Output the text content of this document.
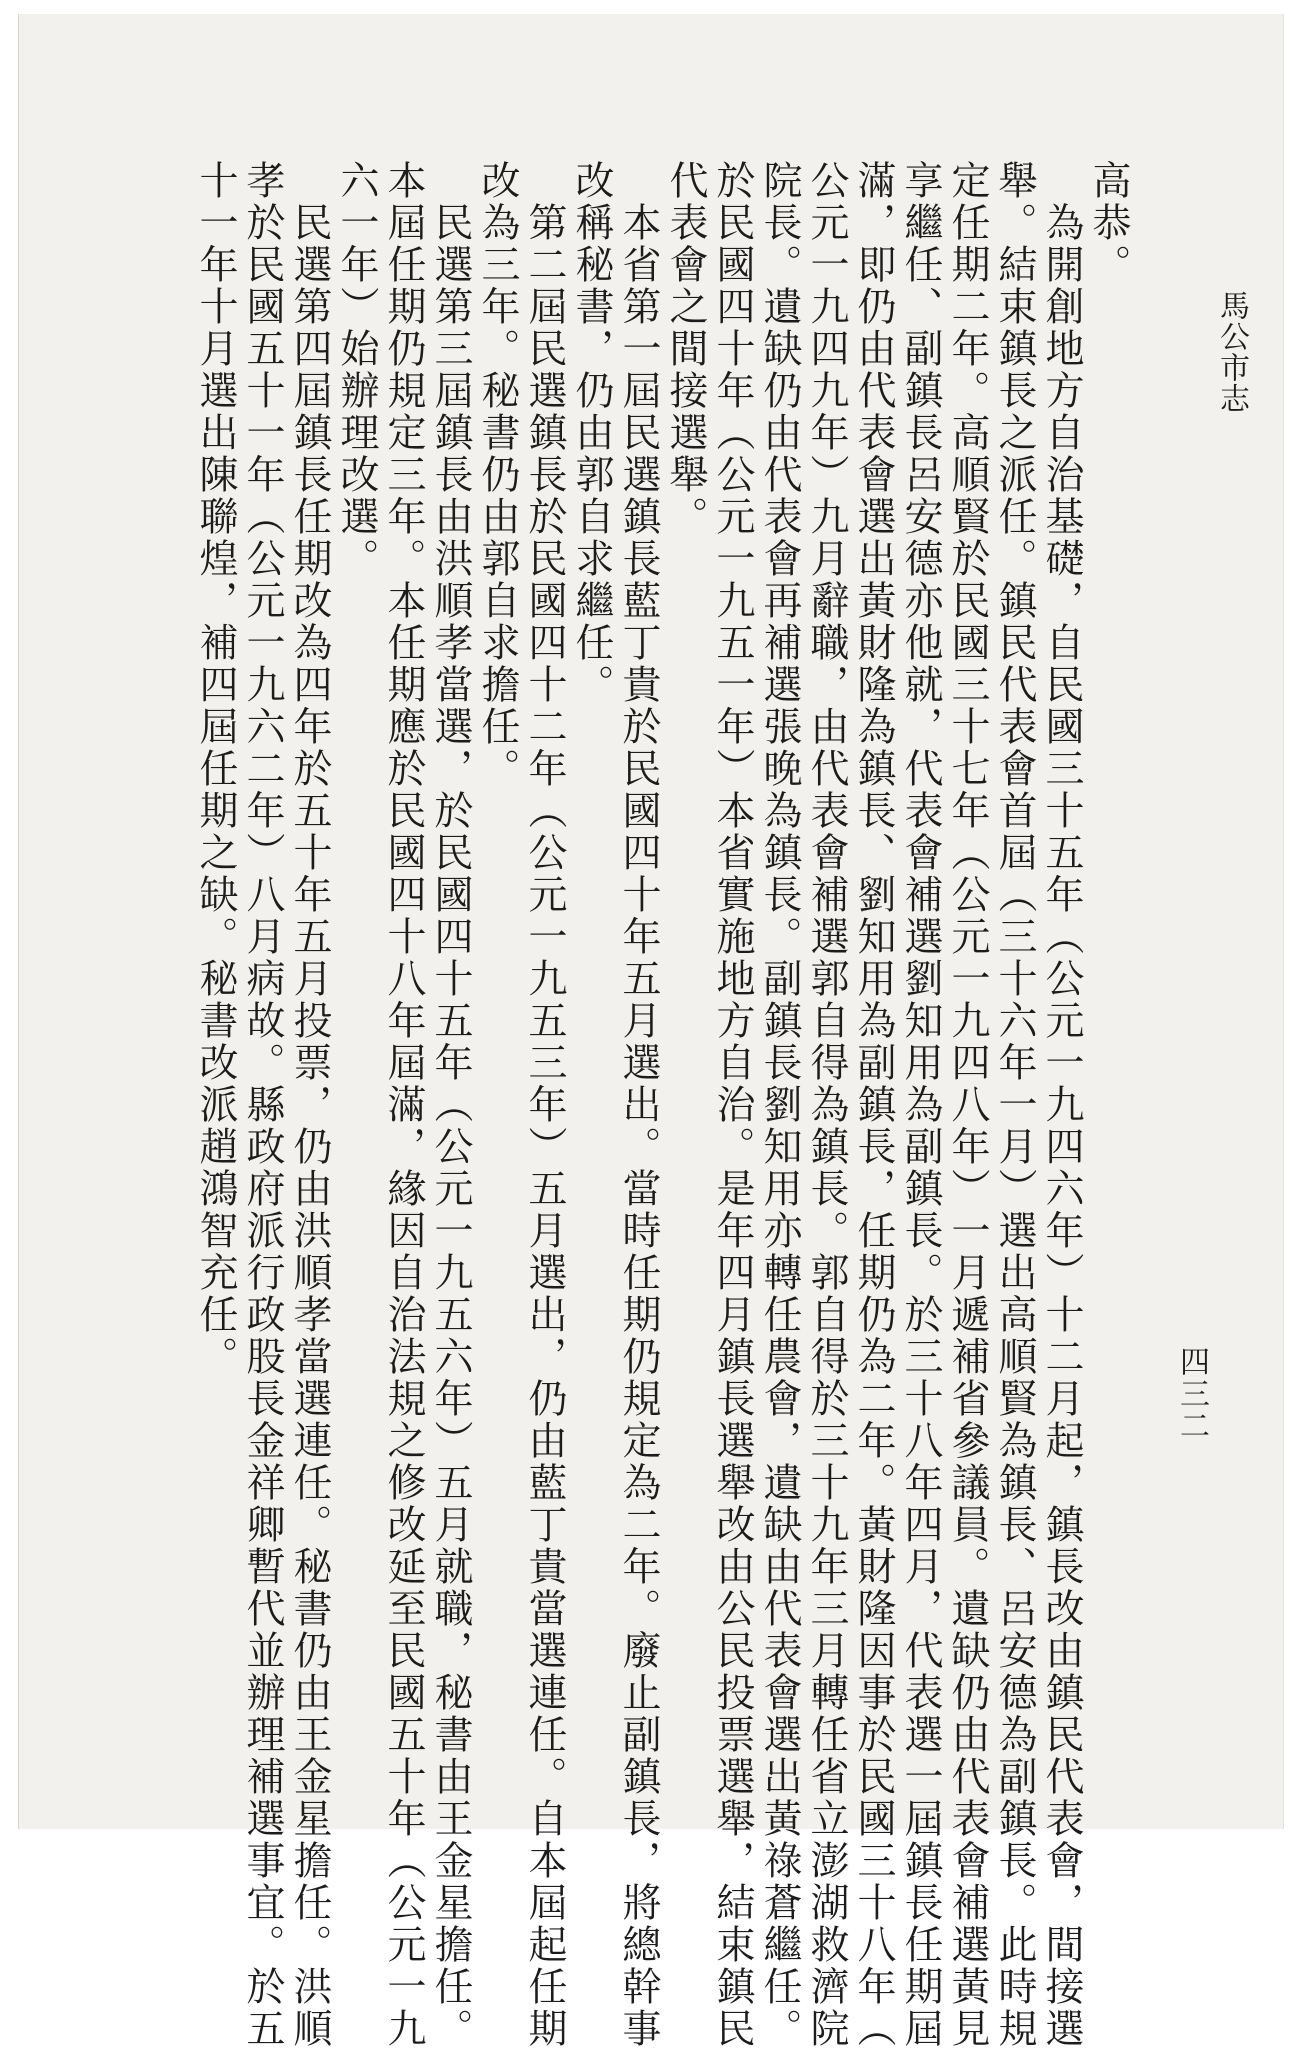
馬公市志
四三二
高恭。
為開創地方自治基礎，自民國三十五年（公元一九四六年）十二月起，鎮長改由鎮民代表會，間接選
舉。結束鎮長之派任。鎮民代表會首屆（三十六年一月）選出高順賢為鎮長、呂安德為副鎮長。此時規
定任期二年。高順賢於民國三十七年（公元一九四八年）一月遞補省參議員。遺缺仍由代表會補選黃見
享繼任、副鎮長呂安德亦他就，代表會補選劉知用為副鎮長。於三十八年四月，代表選一屆鎮長任期屆
滿，即仍由代表會選出黃財隆為鎮長、劉知用為副鎮長，任期仍為二年。黃財隆因事於民國三十八年（
公元一九四九年）九月辭職，由代表會補選郭自得為鎮長。郭自得於三十九年三月轉任省立澎湖救濟院
院長。遺缺仍由代表會再補選張晚為鎮長。副鎮長劉知用亦轉任農會，遺缺由代表會選出黃祿蒼繼任。
於民國四十年（公元一九五一年）本省實施地方自治。是年四月鎮長選舉改由公民投票選舉，結束鎮民
代表會之間接選舉。
本省第一屆民選鎮長藍丁貴於民國四十年五月選出。當時任期仍規定為二年。廢止副鎮長，將總幹事
改稱秘書，仍由郭自求繼任。
第二屆民選鎮長於民國四十二年（公元一九五三年）五月選出，仍由藍丁貴當選連任。自本屆起任期
改為三年。秘書仍由郭自求擔任。
民選第三屆鎮長由洪順孝當選，於民國四十五年（公元一九五六年）五月就職，秘書由王金星擔任。
本屆任期仍規定三年。本任期應於民國四十八年屆滿，緣因自治法規之修改延至民國五十年（公元一九
六一年）始辦理改選。
民選第四屆鎮長任期改為四年於五十年五月投票，仍由洪順孝當選連任。秘書仍由王金星擔任。洪順
孝於民國五十一年（公元一九六二年）八月病故。縣政府派行政股長金祥卿暫代並辦理補選事宜。於五
十一年十月選出陳聯煌，補四屆任期之缺。秘書改派趙鴻智充任。
